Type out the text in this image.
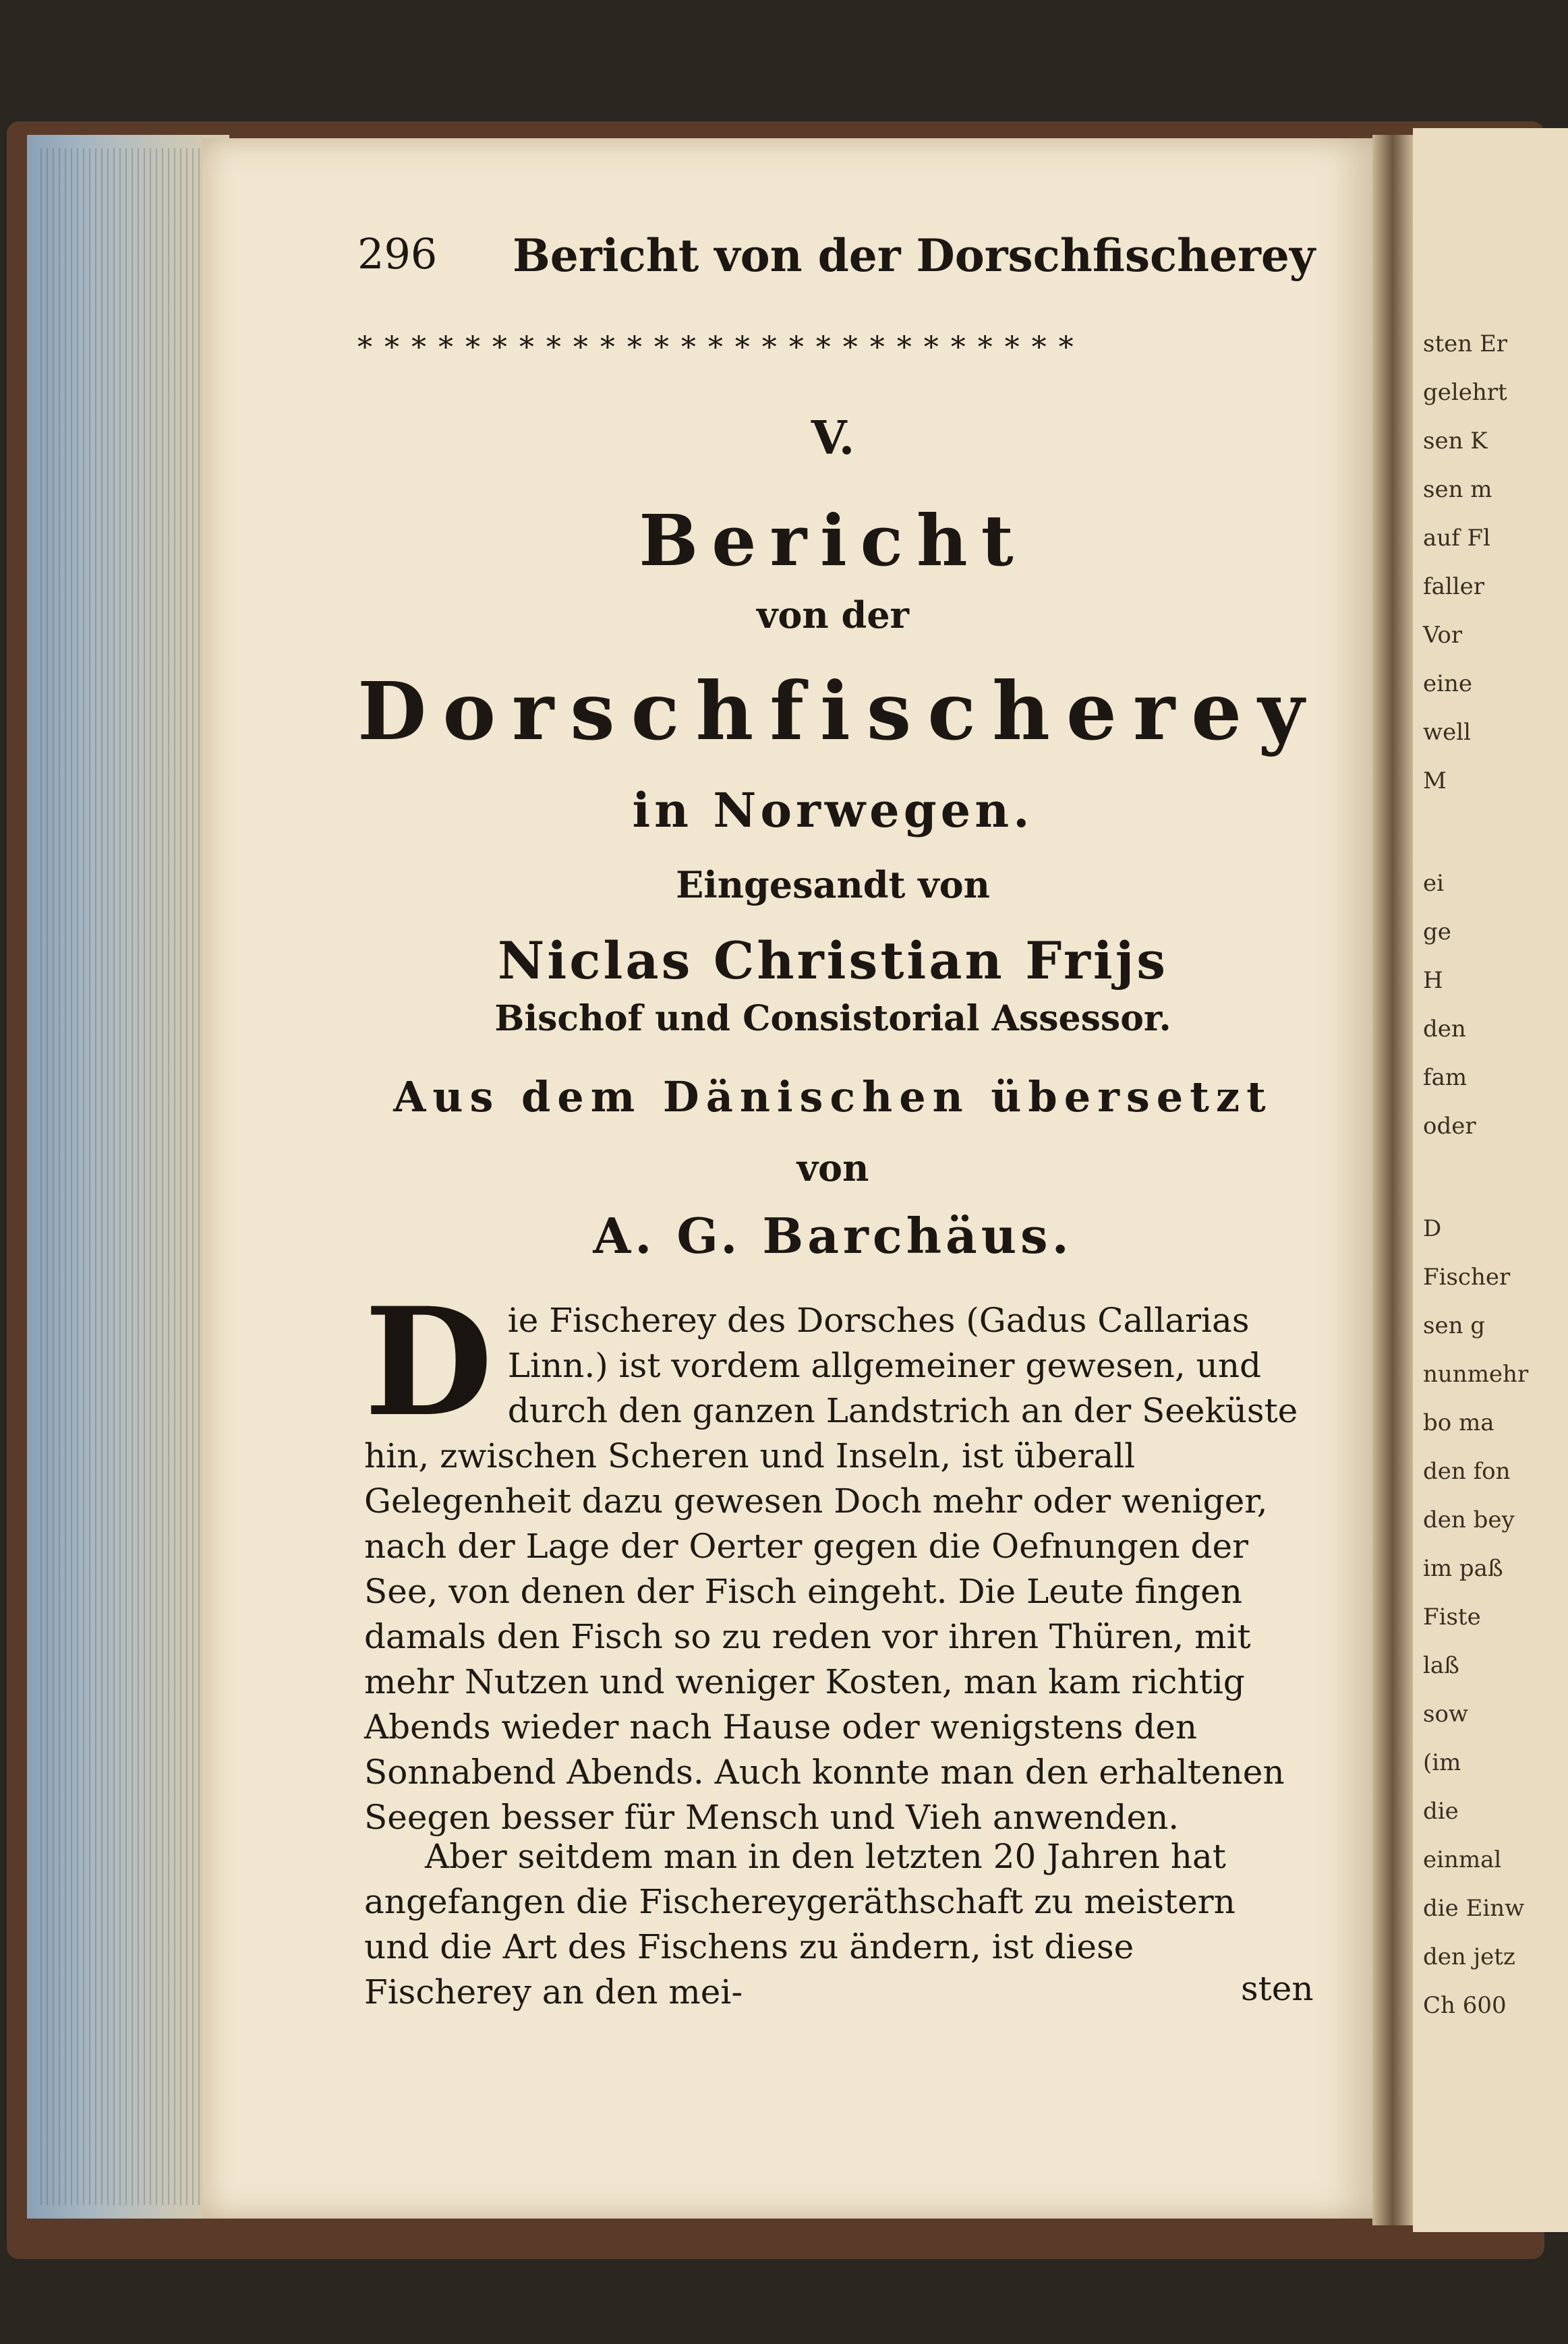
sten Er
gelehrt
sen K
sen m
auf Fl
faller
Vor
eine
well
M
ei
ge
H
den
fam
oder
D
Fischer
sen g
nunmehr
bo ma
den fon
den bey
im paß
Fiste
laß
sow
(im
die
einmal
die Einw
den jetz
Ch 600
296 Bericht von der Dorschfischerey
* * * * * * * * * * * * * * * * * * * * * * * * * * *
V.
Bericht
von der
Dorschfischerey
in Norwegen.
Eingesandt von
Niclas Christian Frijs
Bischof und Consistorial Assessor.
Aus dem Dänischen übersetzt
von
A. G. Barchäus.
D ie Fischerey des Dorsches (Gadus Callarias Linn.) ist vordem allgemeiner gewesen, und durch den ganzen Landstrich an der Seeküste hin, zwischen Scheren und Inseln, ist überall Gelegenheit dazu gewesen Doch mehr oder weniger, nach der Lage der Oerter gegen die Oefnungen der See, von denen der Fisch eingeht. Die Leute fingen damals den Fisch so zu reden vor ihren Thüren, mit mehr Nutzen und weniger Kosten, man kam richtig Abends wieder nach Hause oder wenigstens den Sonnabend Abends. Auch konnte man den erhaltenen Seegen besser für Mensch und Vieh anwenden.
Aber seitdem man in den letzten 20 Jahren hat angefangen die Fischereygeräthschaft zu meistern und die Art des Fischens zu ändern, ist diese Fischerey an den mei-	sten
